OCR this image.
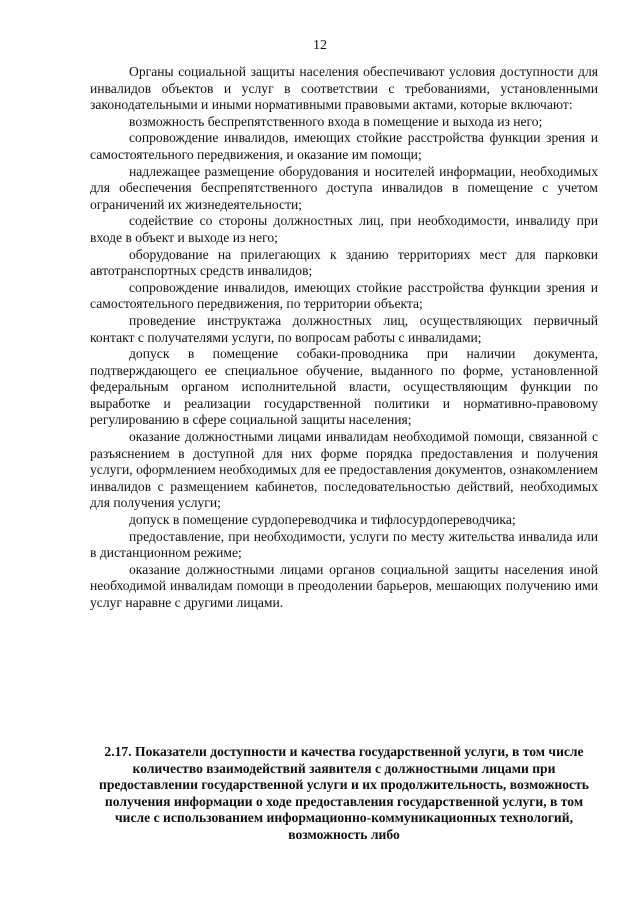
12

Органы социальной защиты населения обеспечивают условия доступности для инвалидов объектов и услуг в соответствии с требованиями, установленными законодательными и иными нормативными правовыми актами, которые включают:

возможность беспрепятственного входа в помещение и выхода из него;

сопровождение инвалидов, имеющих стойкие расстройства функции зрения и самостоятельного передвижения, и оказание им помощи;

надлежащее размещение оборудования и носителей информации, необходимых для обеспечения беспрепятственного доступа инвалидов в помещение с учетом ограничений их жизнедеятельности;

содействие со стороны должностных лиц, при необходимости, инвалиду при входе в объект и выходе из него;

оборудование на прилегающих к зданию территориях мест для парковки автотранспортных средств инвалидов;

сопровождение инвалидов, имеющих стойкие расстройства функции зрения и самостоятельного передвижения, по территории объекта;

проведение инструктажа должностных лиц, осуществляющих первичный контакт с получателями услуги, по вопросам работы с инвалидами;

допуск в помещение собаки-проводника при наличии документа, подтверждающего ее специальное обучение, выданного по форме, установленной федеральным органом исполнительной власти, осуществляющим функции по выработке и реализации государственной политики и нормативно-правовому регулированию в сфере социальной защиты населения;

оказание должностными лицами инвалидам необходимой помощи, связанной с разъяснением в доступной для них форме порядка предоставления и получения услуги, оформлением необходимых для ее предоставления документов, ознакомлением инвалидов с размещением кабинетов, последовательностью действий, необходимых для получения услуги;

допуск в помещение сурдопереводчика и тифлосурдопереводчика;

предоставление, при необходимости, услуги по месту жительства инвалида или в дистанционном режиме;

оказание должностными лицами органов социальной защиты населения иной необходимой инвалидам помощи в преодолении барьеров, мешающих получению ими услуг наравне с другими лицами.

2.17. Показатели доступности и качества государственной услуги, в том числе количество взаимодействий заявителя с должностными лицами при предоставлении государственной услуги и их продолжительность, возможность получения информации о ходе предоставления государственной услуги, в том числе с использованием информационно-коммуникационных технологий, возможность либо
